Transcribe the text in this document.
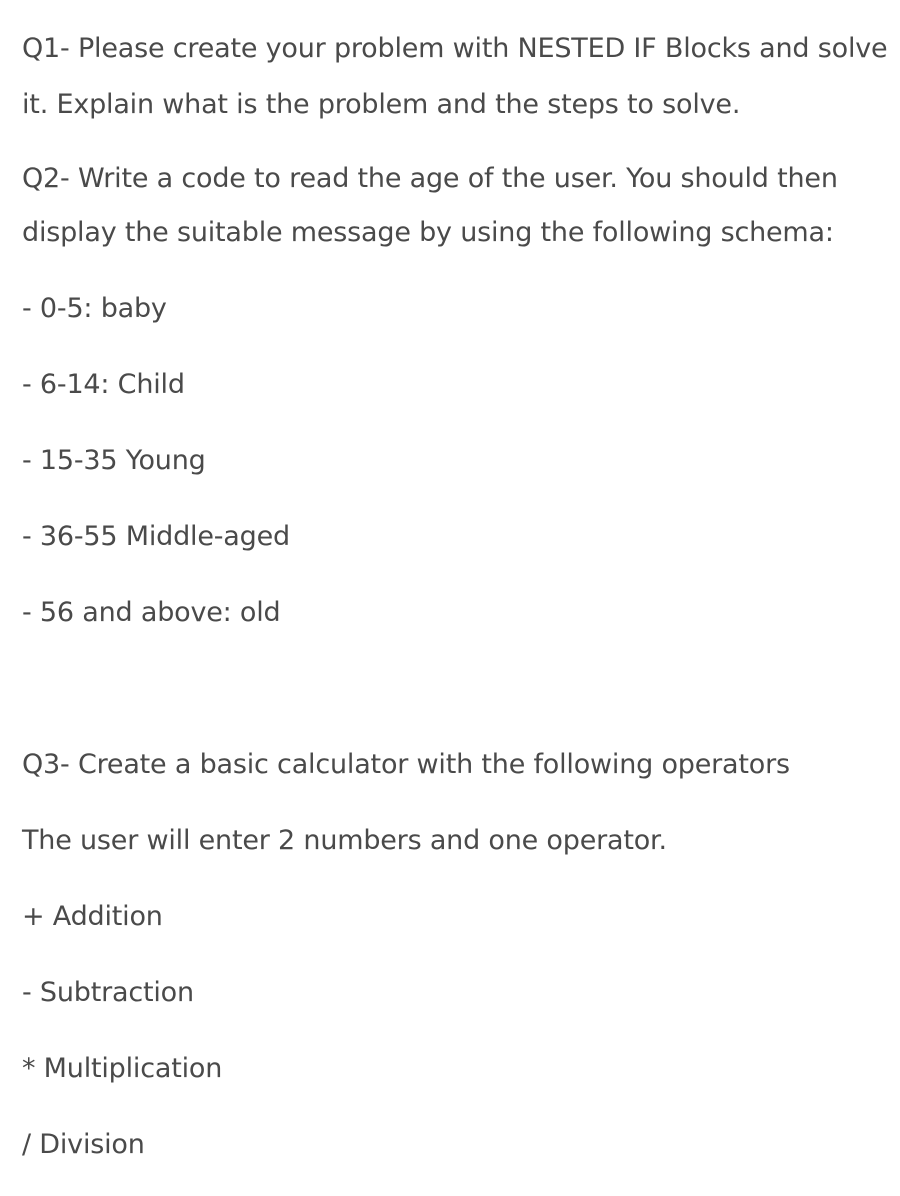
Q1- Please create your problem with NESTED IF Blocks and solve
it. Explain what is the problem and the steps to solve.
Q2- Write a code to read the age of the user. You should then
display the suitable message by using the following schema:
- 0-5: baby
- 6-14: Child
- 15-35 Young
- 36-55 Middle-aged
- 56 and above: old
Q3- Create a basic calculator with the following operators
The user will enter 2 numbers and one operator.
+ Addition
- Subtraction
* Multiplication
/ Division
